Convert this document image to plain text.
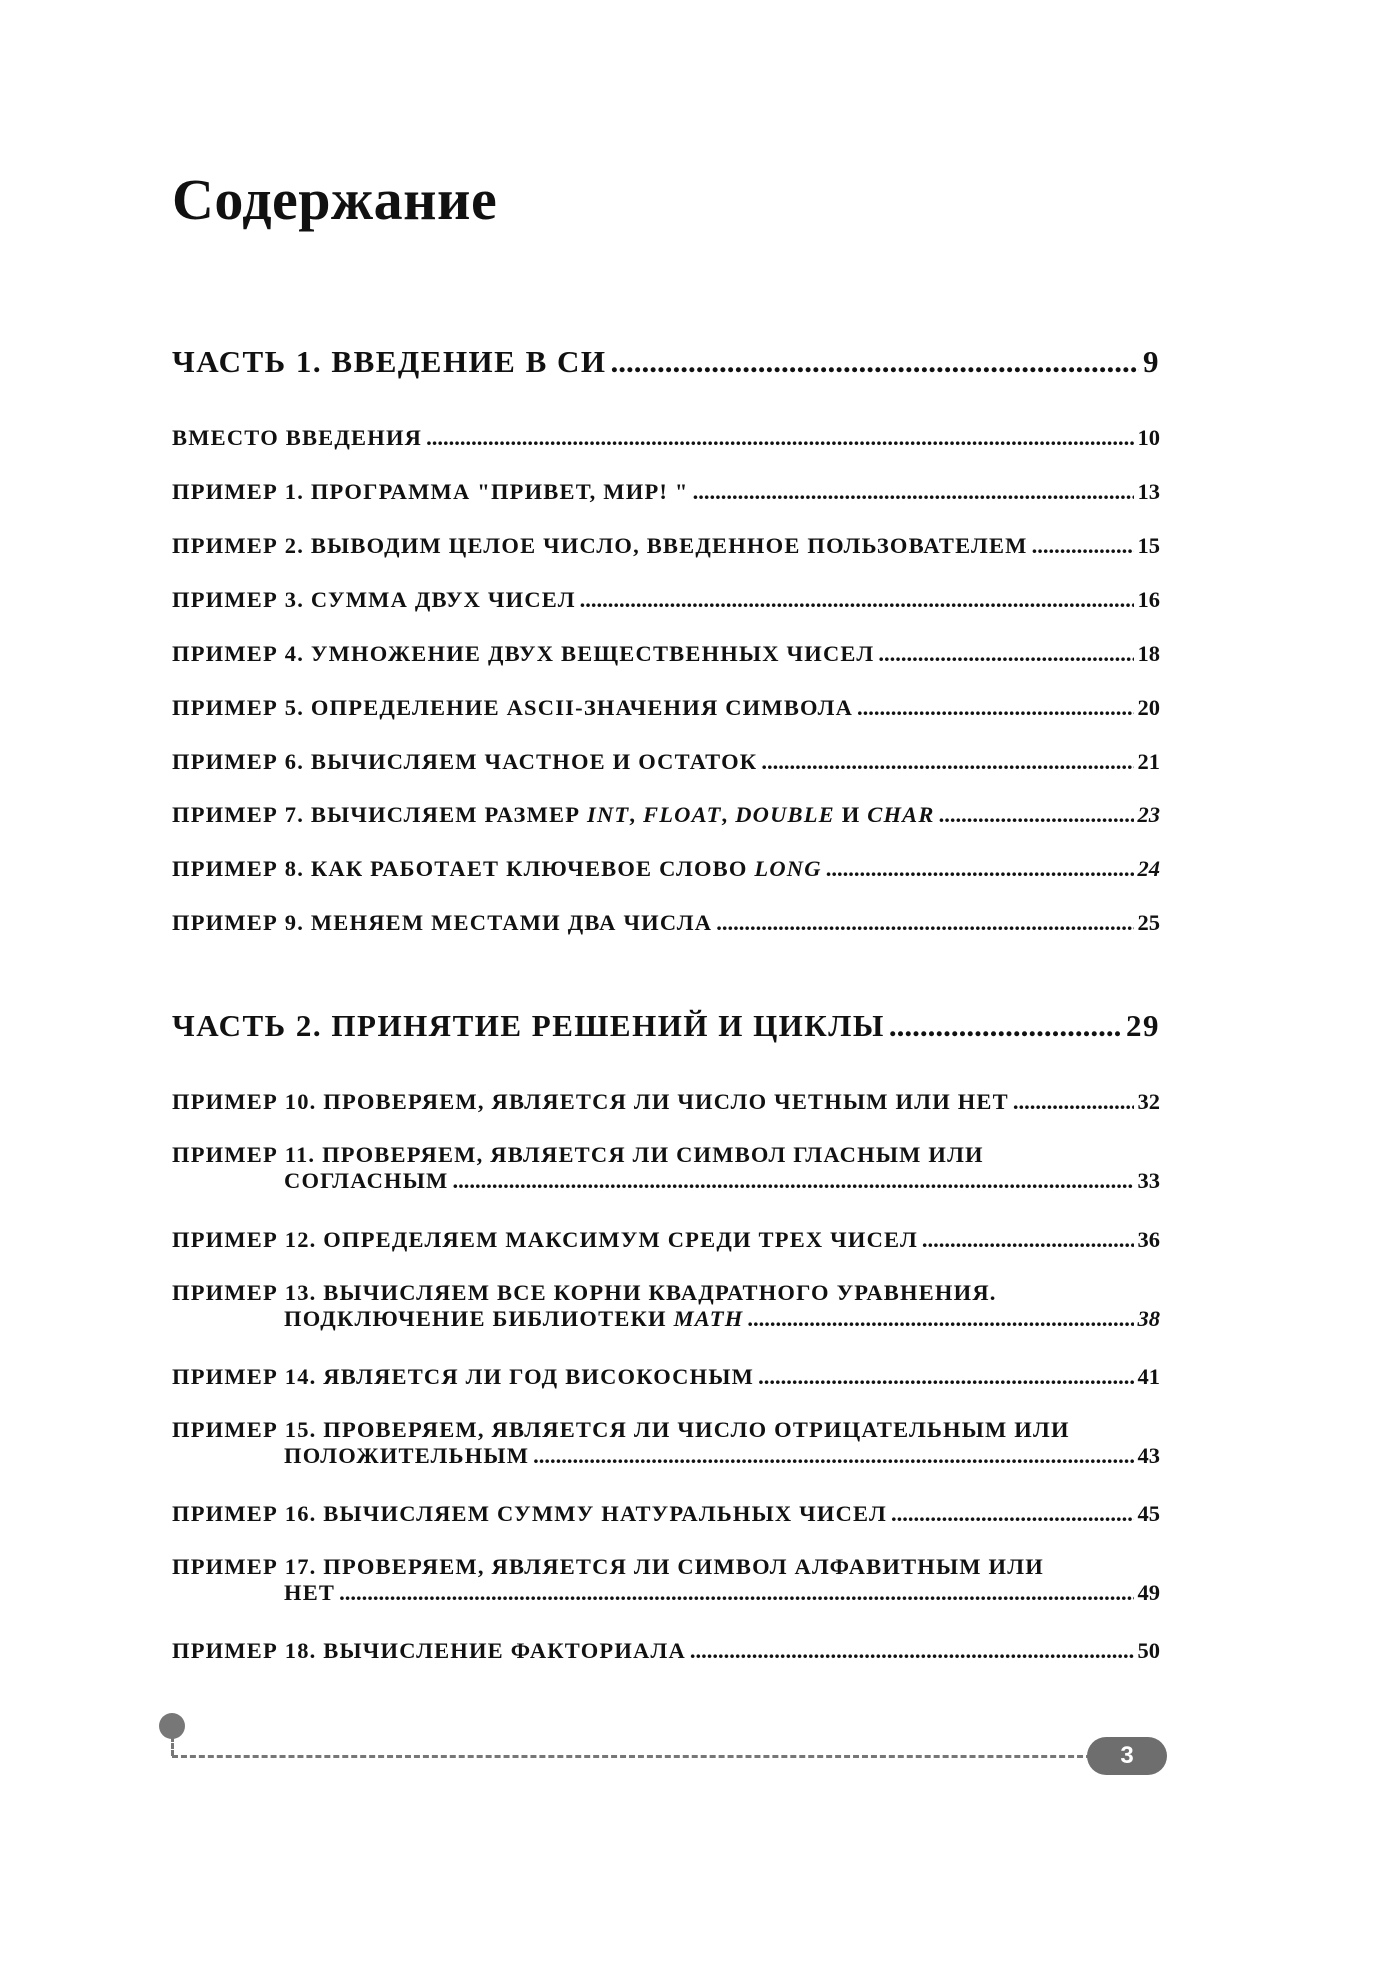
Содержание
ЧАСТЬ 1. ВВЕДЕНИЕ В СИ .....	9
ВМЕСТО ВВЕДЕНИЯ .....	10
ПРИМЕР 1. ПРОГРАММА "ПРИВЕТ, МИР! " .....	13
ПРИМЕР 2. ВЫВОДИМ ЦЕЛОЕ ЧИСЛО, ВВЕДЕННОЕ ПОЛЬЗОВАТЕЛЕМ .....	15
ПРИМЕР 3. СУММА ДВУХ ЧИСЕЛ .....	16
ПРИМЕР 4. УМНОЖЕНИЕ ДВУХ ВЕЩЕСТВЕННЫХ ЧИСЕЛ .....	18
ПРИМЕР 5. ОПРЕДЕЛЕНИЕ ASCII-ЗНАЧЕНИЯ СИМВОЛА .....	20
ПРИМЕР 6. ВЫЧИСЛЯЕМ ЧАСТНОЕ И ОСТАТОК .....	21
ПРИМЕР 7. ВЫЧИСЛЯЕМ РАЗМЕР INT, FLOAT, DOUBLE И CHAR .....	23
ПРИМЕР 8. КАК РАБОТАЕТ КЛЮЧЕВОЕ СЛОВО LONG .....	24
ПРИМЕР 9. МЕНЯЕМ МЕСТАМИ ДВА ЧИСЛА .....	25
ЧАСТЬ 2. ПРИНЯТИЕ РЕШЕНИЙ И ЦИКЛЫ .....	29
ПРИМЕР 10. ПРОВЕРЯЕМ, ЯВЛЯЕТСЯ ЛИ ЧИСЛО ЧЕТНЫМ ИЛИ НЕТ .....	32
ПРИМЕР 11. ПРОВЕРЯЕМ, ЯВЛЯЕТСЯ ЛИ СИМВОЛ ГЛАСНЫМ ИЛИ
СОГЛАСНЫМ .....	33
ПРИМЕР 12. ОПРЕДЕЛЯЕМ МАКСИМУМ СРЕДИ ТРЕХ ЧИСЕЛ .....	36
ПРИМЕР 13. ВЫЧИСЛЯЕМ ВСЕ КОРНИ КВАДРАТНОГО УРАВНЕНИЯ.
ПОДКЛЮЧЕНИЕ БИБЛИОТЕКИ MATH .....	38
ПРИМЕР 14. ЯВЛЯЕТСЯ ЛИ ГОД ВИСОКОСНЫМ .....	41
ПРИМЕР 15. ПРОВЕРЯЕМ, ЯВЛЯЕТСЯ ЛИ ЧИСЛО ОТРИЦАТЕЛЬНЫМ ИЛИ
ПОЛОЖИТЕЛЬНЫМ .....	43
ПРИМЕР 16. ВЫЧИСЛЯЕМ СУММУ НАТУРАЛЬНЫХ ЧИСЕЛ .....	45
ПРИМЕР 17. ПРОВЕРЯЕМ, ЯВЛЯЕТСЯ ЛИ СИМВОЛ АЛФАВИТНЫМ ИЛИ
НЕТ .....	49
ПРИМЕР 18. ВЫЧИСЛЕНИЕ ФАКТОРИАЛА .....	50
3
